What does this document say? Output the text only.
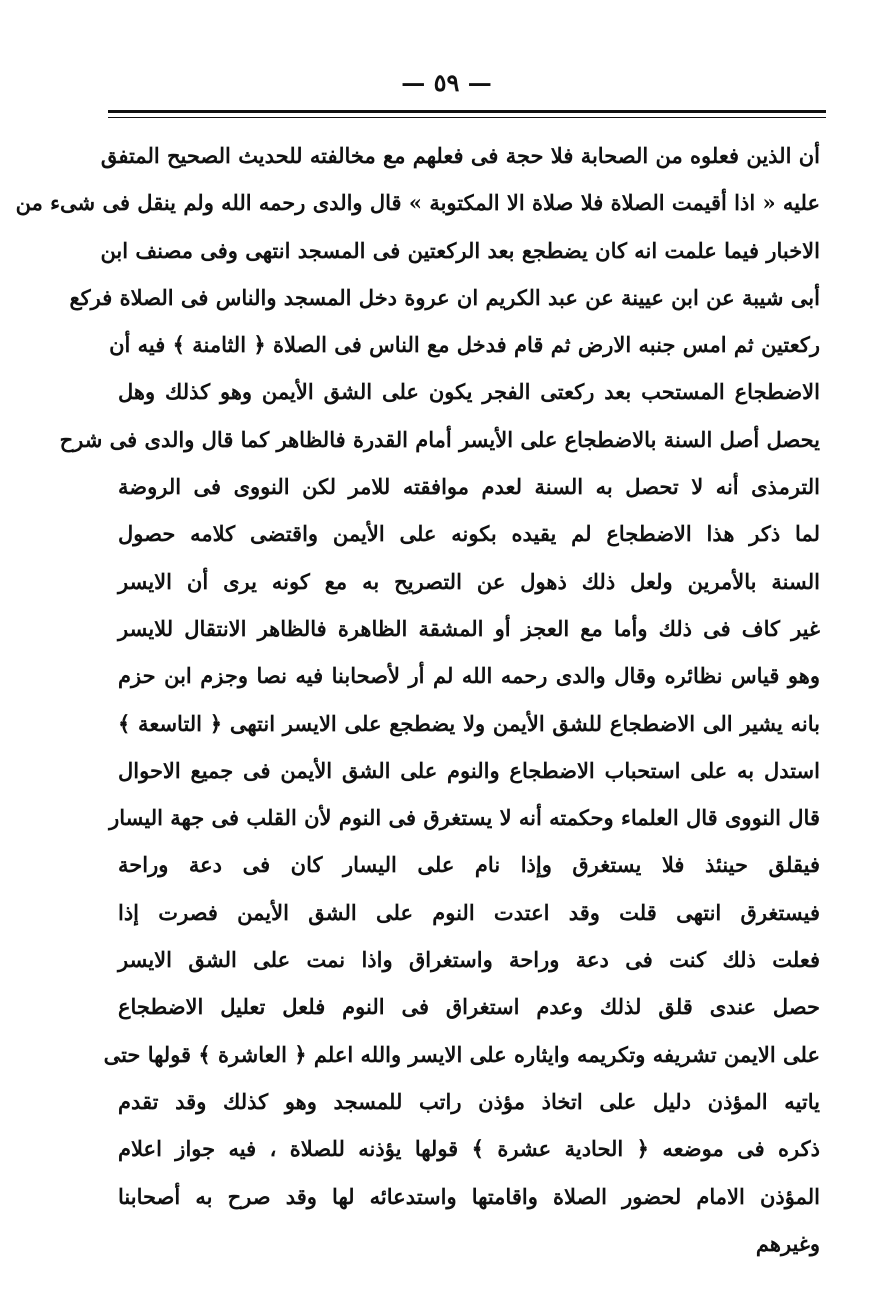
— ٥٩ —
أن الذين فعلوه من الصحابة فلا حجة فى فعلهم مع مخالفته للحديث الصحيح المتفق
عليه « اذا أقيمت الصلاة فلا صلاة الا المكتوبة » قال والدى رحمه الله ولم ينقل فى شىء من
الاخبار فيما علمت انه كان يضطجع بعد الركعتين فى المسجد انتهى وفى مصنف ابن
أبى شيبة عن ابن عيينة عن عبد الكريم ان عروة دخل المسجد والناس فى الصلاة فركع
ركعتين ثم امس جنبه الارض ثم قام فدخل مع الناس فى الصلاة ﴿ الثامنة ﴾ فيه أن
الاضطجاع المستحب بعد ركعتى الفجر يكون على الشق الأيمن وهو كذلك وهل
يحصل أصل السنة بالاضطجاع على الأيسر أمام القدرة فالظاهر كما قال والدى فى شرح
الترمذى أنه لا تحصل به السنة لعدم موافقته للامر لكن النووى فى الروضة
لما ذكر هذا الاضطجاع لم يقيده بكونه على الأيمن واقتضى كلامه حصول
السنة بالأمرين ولعل ذلك ذهول عن التصريح به مع كونه يرى أن الايسر
غير كاف فى ذلك وأما مع العجز أو المشقة الظاهرة فالظاهر الانتقال للايسر
وهو قياس نظائره وقال والدى رحمه الله لم أر لأصحابنا فيه نصا وجزم ابن حزم
بانه يشير الى الاضطجاع للشق الأيمن ولا يضطجع على الايسر انتهى ﴿ التاسعة ﴾
استدل به على استحباب الاضطجاع والنوم على الشق الأيمن فى جميع الاحوال
قال النووى قال العلماء وحكمته أنه لا يستغرق فى النوم لأن القلب فى جهة اليسار
فيقلق حينئذ فلا يستغرق وإذا نام على اليسار كان فى دعة وراحة
فيستغرق انتهى قلت وقد اعتدت النوم على الشق الأيمن فصرت إذا
فعلت ذلك كنت فى دعة وراحة واستغراق واذا نمت على الشق الايسر
حصل عندى قلق لذلك وعدم استغراق فى النوم فلعل تعليل الاضطجاع
على الايمن تشريفه وتكريمه وايثاره على الايسر والله اعلم ﴿ العاشرة ﴾ قولها حتى
ياتيه المؤذن دليل على اتخاذ مؤذن راتب للمسجد وهو كذلك وقد تقدم
ذكره فى موضعه ﴿ الحادية عشرة ﴾ قولها يؤذنه للصلاة ، فيه جواز اعلام
المؤذن الامام لحضور الصلاة واقامتها واستدعائه لها وقد صرح به أصحابنا
وغيرهم
